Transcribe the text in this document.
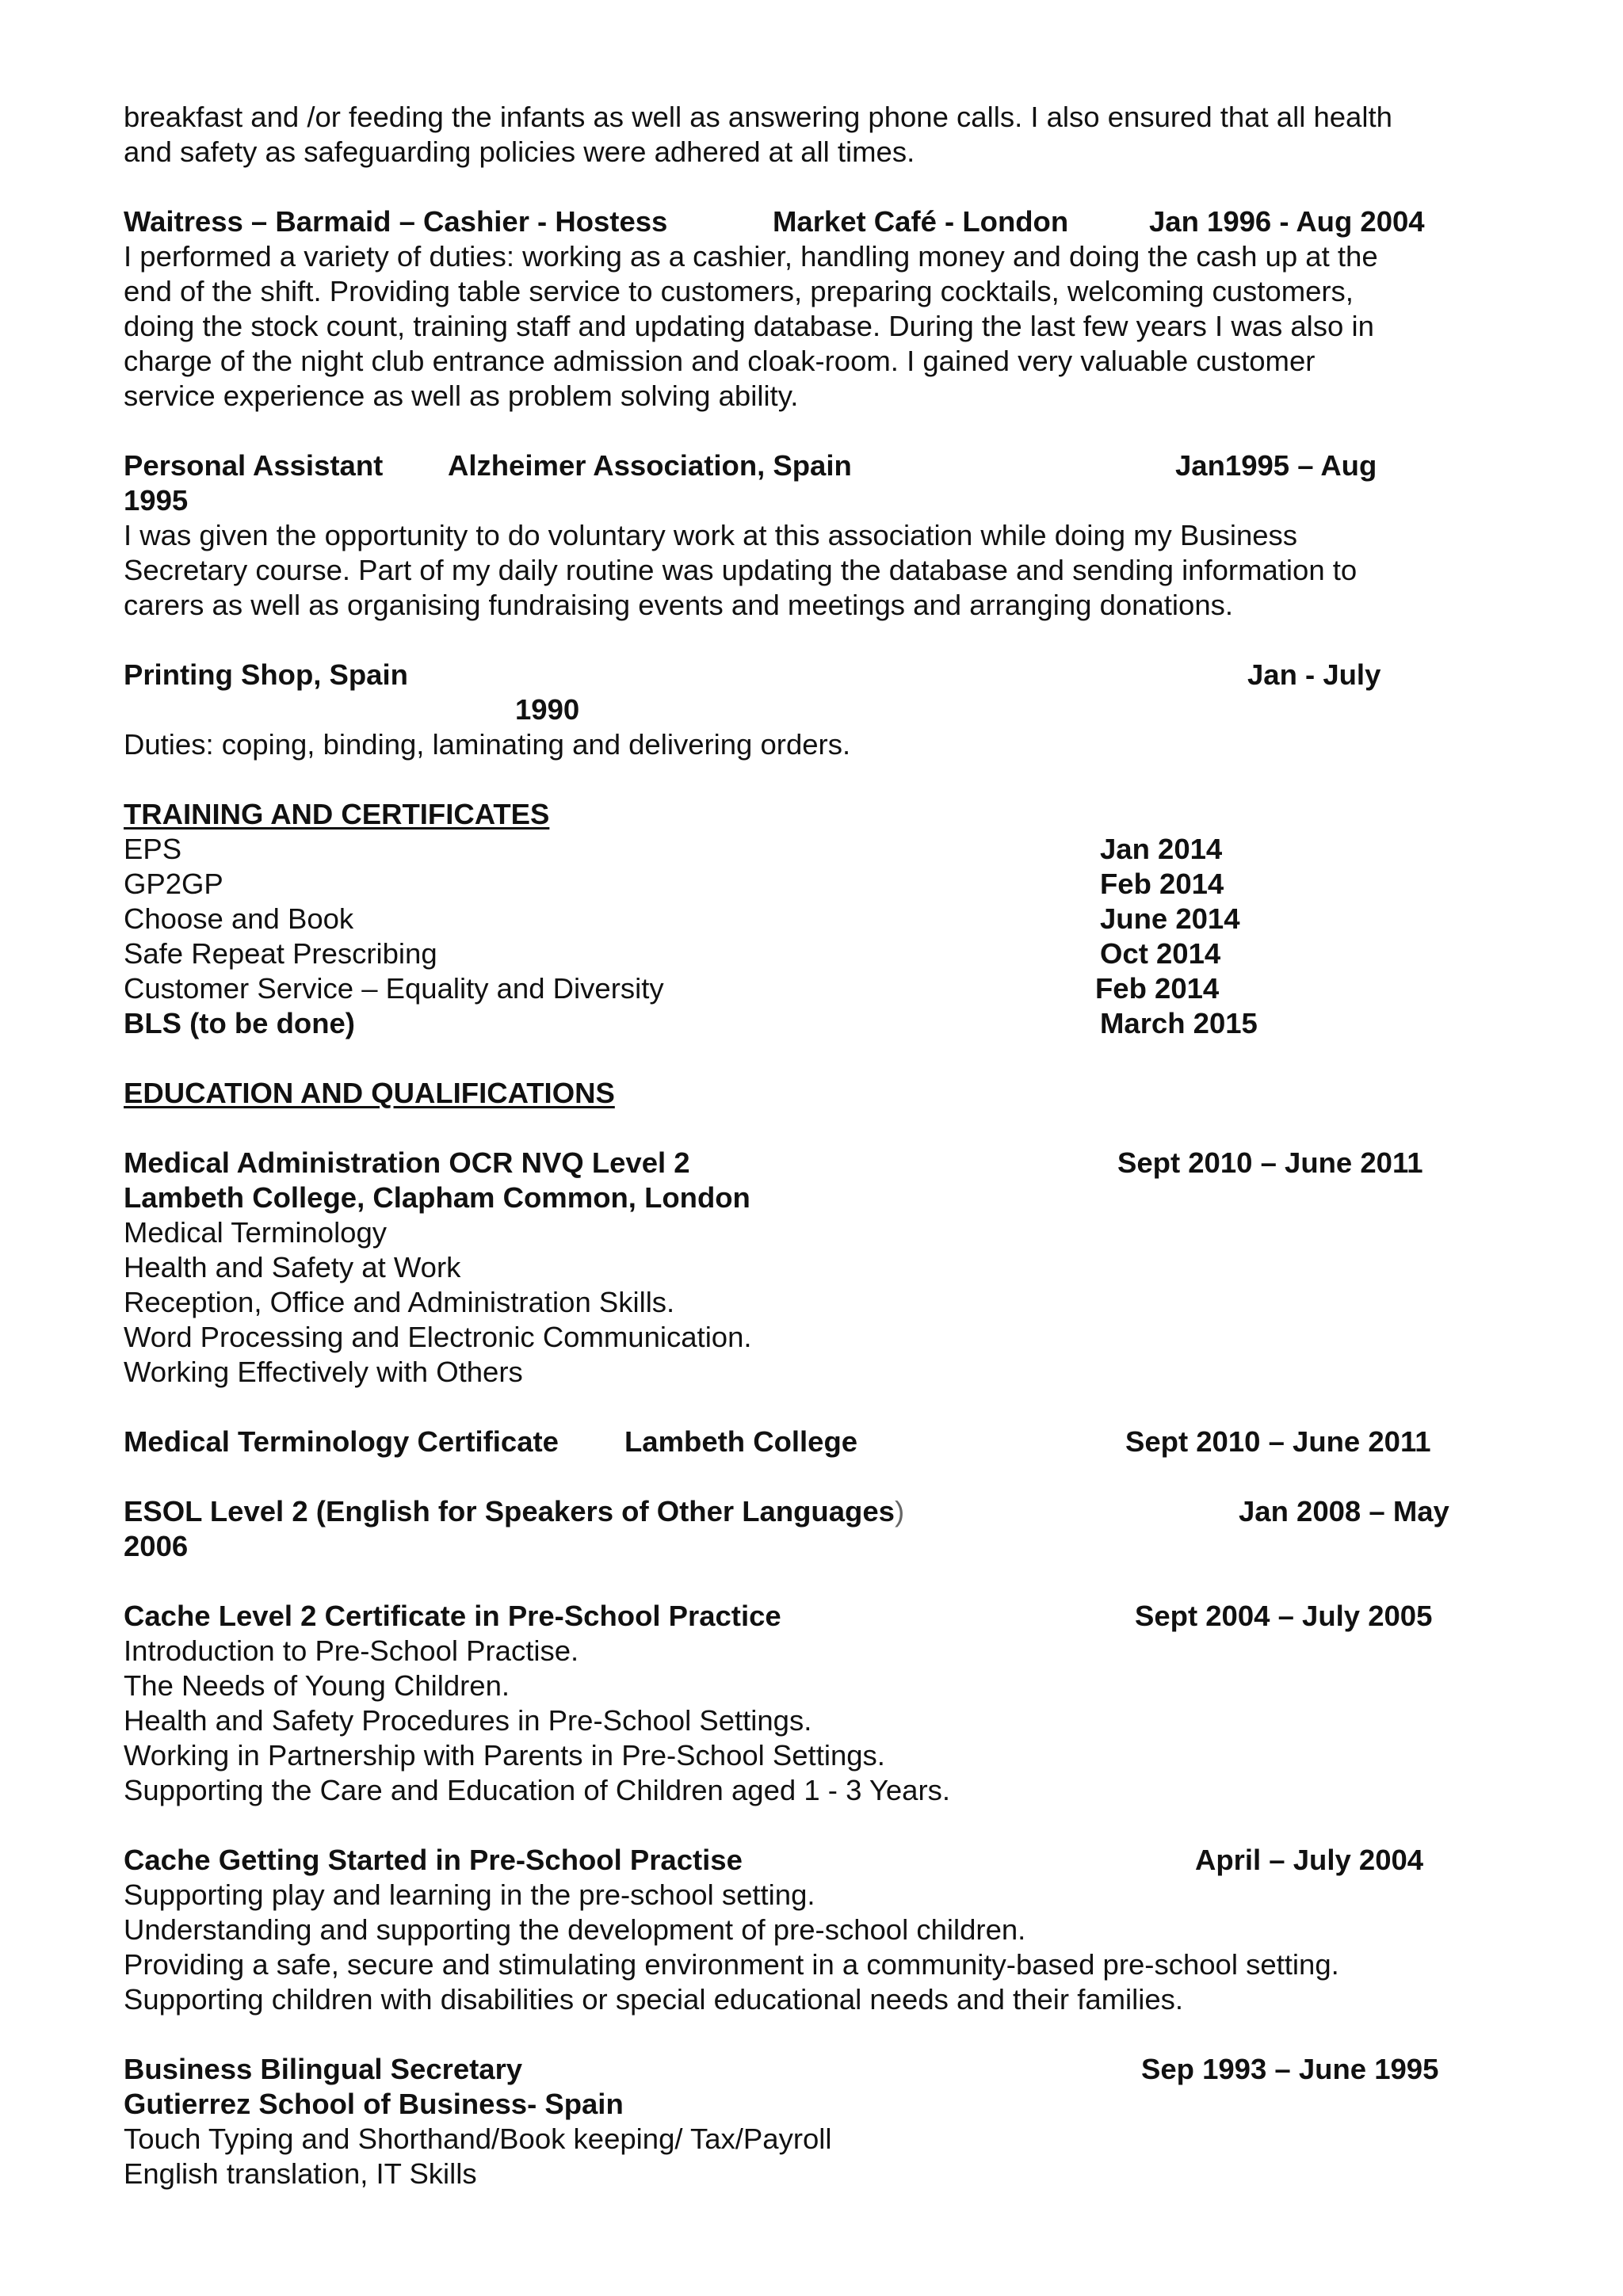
breakfast and /or feeding the infants as well as answering phone calls. I also ensured that all health
and safety as safeguarding policies were adhered at all times.
Waitress – Barmaid – Cashier - Hostess	Market Café - London	Jan 1996 - Aug 2004
I performed a variety of duties: working as a cashier, handling money and doing the cash up at the
end of the shift. Providing table service to customers, preparing cocktails, welcoming customers,
doing the stock count, training staff and updating database. During the last few years I was also in
charge of the night club entrance admission and cloak-room. I gained very valuable customer
service experience as well as problem solving ability.
Personal Assistant Alzheimer Association, Spain	Jan1995 – Aug
1995
I was given the opportunity to do voluntary work at this association while doing my Business
Secretary course. Part of my daily routine was updating the database and sending information to
carers as well as organising fundraising events and meetings and arranging donations.
Printing Shop, Spain	Jan - July
1990
Duties: coping, binding, laminating and delivering orders.
TRAINING AND CERTIFICATES
EPS	Jan 2014
GP2GP	Feb 2014
Choose and Book	June 2014
Safe Repeat Prescribing	Oct 2014
Customer Service – Equality and Diversity	Feb 2014
BLS (to be done)	March 2015
EDUCATION AND QUALIFICATIONS
Medical Administration OCR NVQ Level 2	Sept 2010 – June 2011
Lambeth College, Clapham Common, London
Medical Terminology
Health and Safety at Work
Reception, Office and Administration Skills.
Word Processing and Electronic Communication.
Working Effectively with Others
Medical Terminology Certificate Lambeth College	Sept 2010 – June 2011
ESOL Level 2 (English for Speakers of Other Languages)	Jan 2008 – May
2006
Cache Level 2 Certificate in Pre-School Practice	Sept 2004 – July 2005
Introduction to Pre-School Practise.
The Needs of Young Children.
Health and Safety Procedures in Pre-School Settings.
Working in Partnership with Parents in Pre-School Settings.
Supporting the Care and Education of Children aged 1 - 3 Years.
Cache Getting Started in Pre-School Practise	April – July 2004
Supporting play and learning in the pre-school setting.
Understanding and supporting the development of pre-school children.
Providing a safe, secure and stimulating environment in a community-based pre-school setting.
Supporting children with disabilities or special educational needs and their families.
Business Bilingual Secretary	Sep 1993 – June 1995
Gutierrez School of Business- Spain
Touch Typing and Shorthand/Book keeping/ Tax/Payroll
English translation, IT Skills
